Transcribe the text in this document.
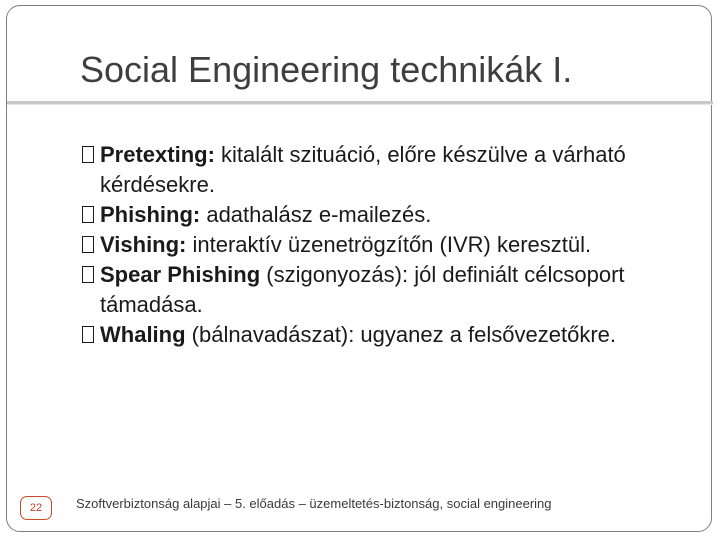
Social Engineering technikák I.
Pretexting: kitalált szituáció, előre készülve a várható kérdésekre.
Phishing: adathalász e-mailezés.
Vishing: interaktív üzenetrögzítőn (IVR) keresztül.
Spear Phishing (szigonyozás): jól definiált célcsoport támadása.
Whaling (bálnavadászat): ugyanez a felsővezetőkre.
22	Szoftverbiztonság alapjai – 5. előadás – üzemeltetés-biztonság, social engineering
